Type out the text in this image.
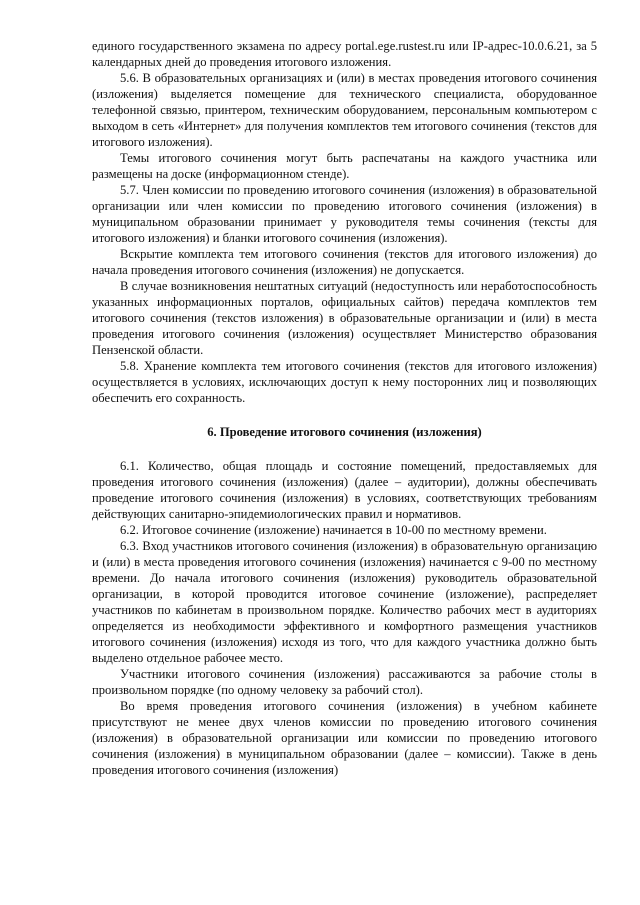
единого государственного экзамена по адресу portal.ege.rustest.ru или IP-адрес-10.0.6.21, за 5 календарных дней до проведения итогового изложения.

5.6. В образовательных организациях и (или) в местах проведения итогового сочинения (изложения) выделяется помещение для технического специалиста, оборудованное телефонной связью, принтером, техническим оборудованием, персональным компьютером с выходом в сеть «Интернет» для получения комплектов тем итогового сочинения (текстов для итогового изложения).

Темы итогового сочинения могут быть распечатаны на каждого участника или размещены на доске (информационном стенде).

5.7. Член комиссии по проведению итогового сочинения (изложения) в образовательной организации или член комиссии по проведению итогового сочинения (изложения) в муниципальном образовании принимает у руководителя темы сочинения (тексты для итогового изложения) и бланки итогового сочинения (изложения).

Вскрытие комплекта тем итогового сочинения (текстов для итогового изложения) до начала проведения итогового сочинения (изложения) не допускается.

В случае возникновения нештатных ситуаций (недоступность или неработоспособность указанных информационных порталов, официальных сайтов) передача комплектов тем итогового сочинения (текстов изложения) в образовательные организации и (или) в места проведения итогового сочинения (изложения) осуществляет Министерство образования Пензенской области.

5.8. Хранение комплекта тем итогового сочинения (текстов для итогового изложения) осуществляется в условиях, исключающих доступ к нему посторонних лиц и позволяющих обеспечить его сохранность.

6. Проведение итогового сочинения (изложения)

6.1. Количество, общая площадь и состояние помещений, предоставляемых для проведения итогового сочинения (изложения) (далее – аудитории), должны обеспечивать проведение итогового сочинения (изложения) в условиях, соответствующих требованиям действующих санитарно-эпидемиологических правил и нормативов.

6.2. Итоговое сочинение (изложение) начинается в 10-00 по местному времени.

6.3. Вход участников итогового сочинения (изложения) в образовательную организацию и (или) в места проведения итогового сочинения (изложения) начинается с 9-00 по местному времени. До начала итогового сочинения (изложения) руководитель образовательной организации, в которой проводится итоговое сочинение (изложение), распределяет участников по кабинетам в произвольном порядке. Количество рабочих мест в аудиториях определяется из необходимости эффективного и комфортного размещения участников итогового сочинения (изложения) исходя из того, что для каждого участника должно быть выделено отдельное рабочее место.

Участники итогового сочинения (изложения) рассаживаются за рабочие столы в произвольном порядке (по одному человеку за рабочий стол).

Во время проведения итогового сочинения (изложения) в учебном кабинете присутствуют не менее двух членов комиссии по проведению итогового сочинения (изложения) в образовательной организации или комиссии по проведению итогового сочинения (изложения) в муниципальном образовании (далее – комиссии). Также в день проведения итогового сочинения (изложения)
